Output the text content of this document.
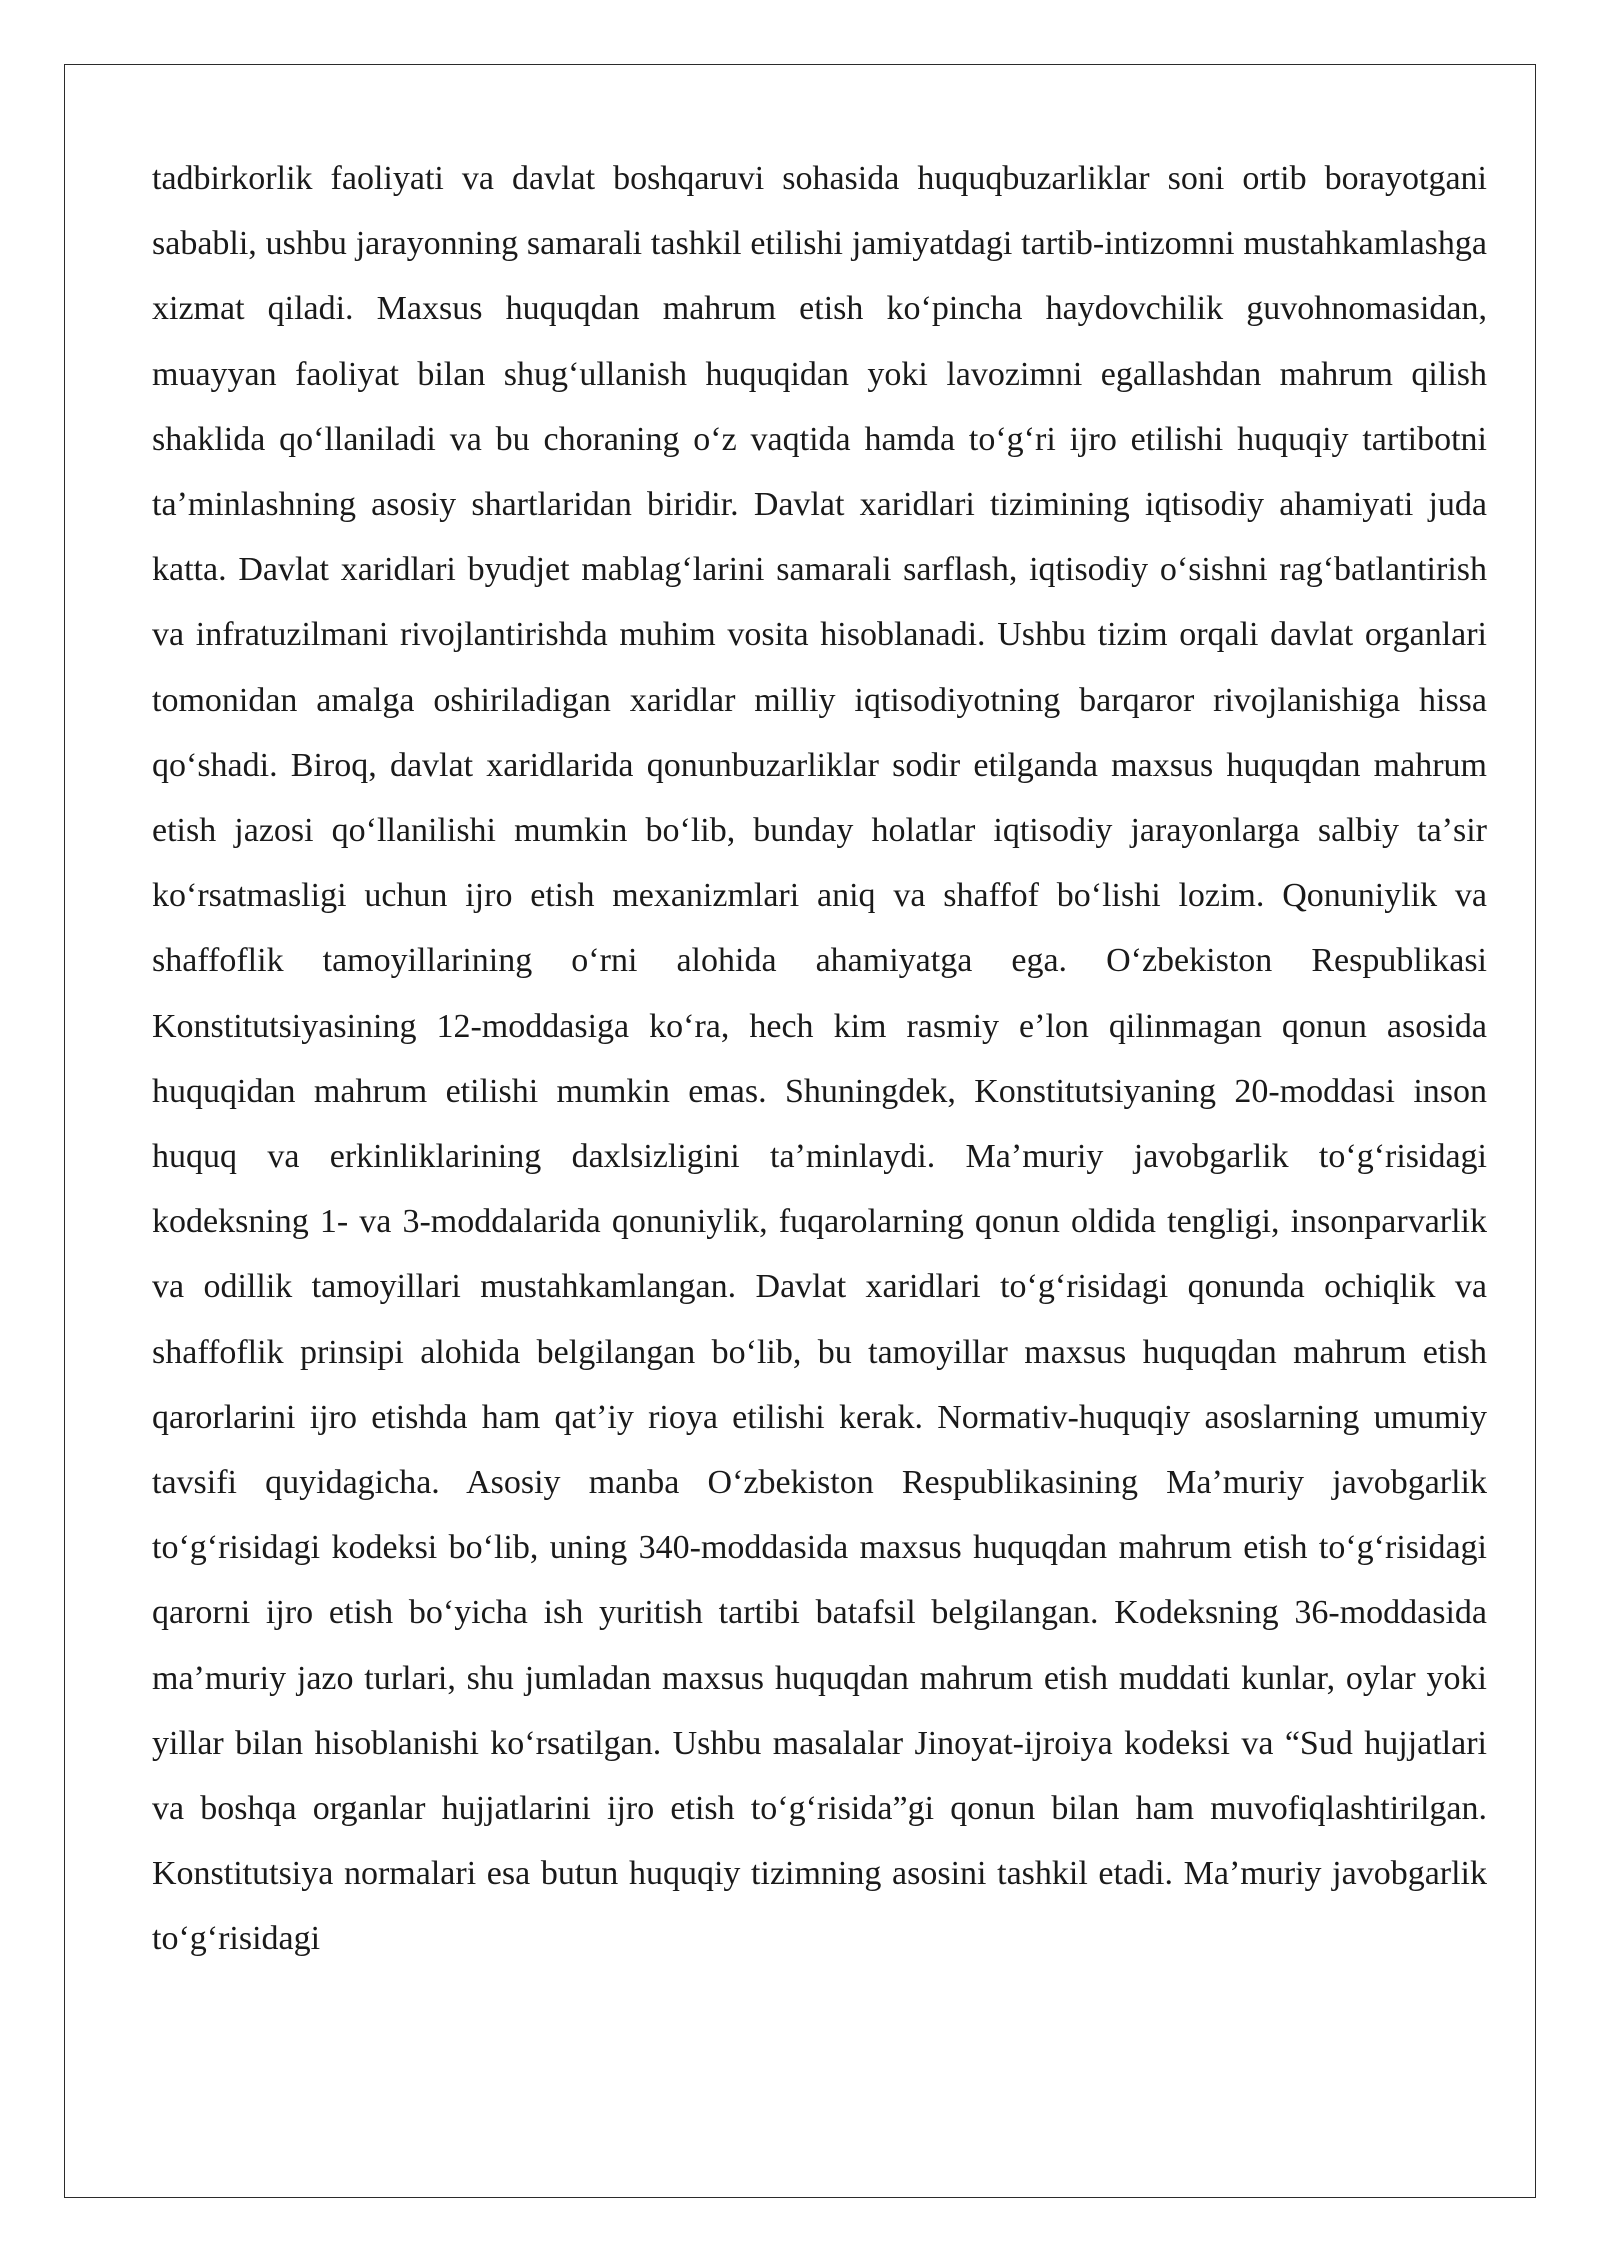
tadbirkorlik faoliyati va davlat boshqaruvi sohasida huquqbuzarliklar soni ortib borayotgani sababli, ushbu jarayonning samarali tashkil etilishi jamiyatdagi tartib-intizomni mustahkamlashga xizmat qiladi. Maxsus huquqdan mahrum etish koʻpincha haydovchilik guvohnomasidan, muayyan faoliyat bilan shugʻullanish huquqidan yoki lavozimni egallashdan mahrum qilish shaklida qoʻllaniladi va bu choraning oʻz vaqtida hamda toʻgʻri ijro etilishi huquqiy tartibotni taʼminlashning asosiy shartlaridan biridir. Davlat xaridlari tizimining iqtisodiy ahamiyati juda katta. Davlat xaridlari byudjet mablagʻlarini samarali sarflash, iqtisodiy oʻsishni ragʻbatlantirish va infratuzilmani rivojlantirishda muhim vosita hisoblanadi. Ushbu tizim orqali davlat organlari tomonidan amalga oshiriladigan xaridlar milliy iqtisodiyotning barqaror rivojlanishiga hissa qoʻshadi. Biroq, davlat xaridlarida qonunbuzarliklar sodir etilganda maxsus huquqdan mahrum etish jazosi qoʻllanilishi mumkin boʻlib, bunday holatlar iqtisodiy jarayonlarga salbiy taʼsir koʻrsatmasligi uchun ijro etish mexanizmlari aniq va shaffof boʻlishi lozim. Qonuniylik va shaffoflik tamoyillarining oʻrni alohida ahamiyatga ega. Oʻzbekiston Respublikasi Konstitutsiyasining 12-moddasiga koʻra, hech kim rasmiy eʼlon qilinmagan qonun asosida huquqidan mahrum etilishi mumkin emas. Shuningdek, Konstitutsiyaning 20-moddasi inson huquq va erkinliklarining daxlsizligini taʼminlaydi. Maʼmuriy javobgarlik toʻgʻrisidagi kodeksning 1- va 3-moddalarida qonuniylik, fuqarolarning qonun oldida tengligi, insonparvarlik va odillik tamoyillari mustahkamlangan. Davlat xaridlari toʻgʻrisidagi qonunda ochiqlik va shaffoflik prinsipi alohida belgilangan boʻlib, bu tamoyillar maxsus huquqdan mahrum etish qarorlarini ijro etishda ham qatʼiy rioya etilishi kerak. Normativ-huquqiy asoslarning umumiy tavsifi quyidagicha. Asosiy manba Oʻzbekiston Respublikasining Maʼmuriy javobgarlik toʻgʻrisidagi kodeksi boʻlib, uning 340-moddasida maxsus huquqdan mahrum etish toʻgʻrisidagi qarorni ijro etish boʻyicha ish yuritish tartibi batafsil belgilangan. Kodeksning 36-moddasida maʼmuriy jazo turlari, shu jumladan maxsus huquqdan mahrum etish muddati kunlar, oylar yoki yillar bilan hisoblanishi koʻrsatilgan. Ushbu masalalar Jinoyat-ijroiya kodeksi va “Sud hujjatlari va boshqa organlar hujjatlarini ijro etish toʻgʻrisida”gi qonun bilan ham muvofiqlashtirilgan. Konstitutsiya normalari esa butun huquqiy tizimning asosini tashkil etadi. Maʼmuriy javobgarlik toʻgʻrisidagi
